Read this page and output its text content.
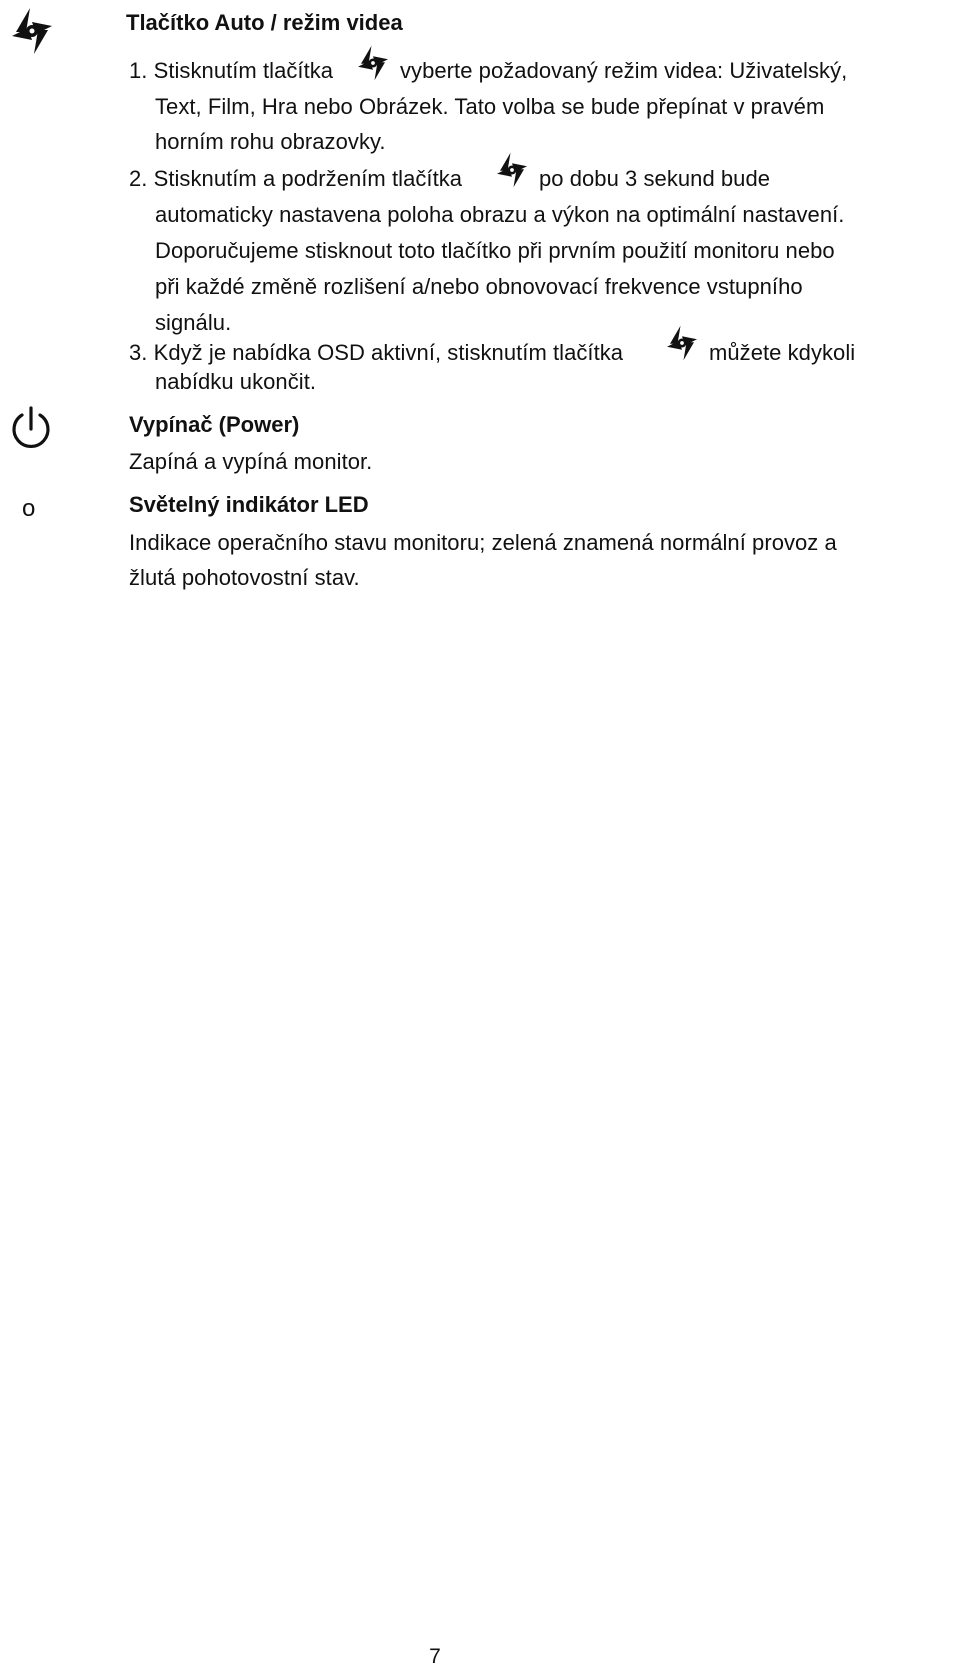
o
Tlačítko Auto / režim videa
1. Stisknutím tlačítka	vyberte požadovaný režim videa: Uživatelský,
Text, Film, Hra nebo Obrázek. Tato volba se bude přepínat v pravém
horním rohu obrazovky.
2. Stisknutím a podržením tlačítka	po dobu 3 sekund bude
automaticky nastavena poloha obrazu a výkon na optimální nastavení.
Doporučujeme stisknout toto tlačítko při prvním použití monitoru nebo
při každé změně rozlišení a/nebo obnovovací frekvence vstupního
signálu.
3. Když je nabídka OSD aktivní, stisknutím tlačítka	můžete kdykoli
nabídku ukončit.
Vypínač (Power)
Zapíná a vypíná monitor.
Světelný indikátor LED
Indikace operačního stavu monitoru; zelená znamená normální provoz a
žlutá pohotovostní stav.
7
